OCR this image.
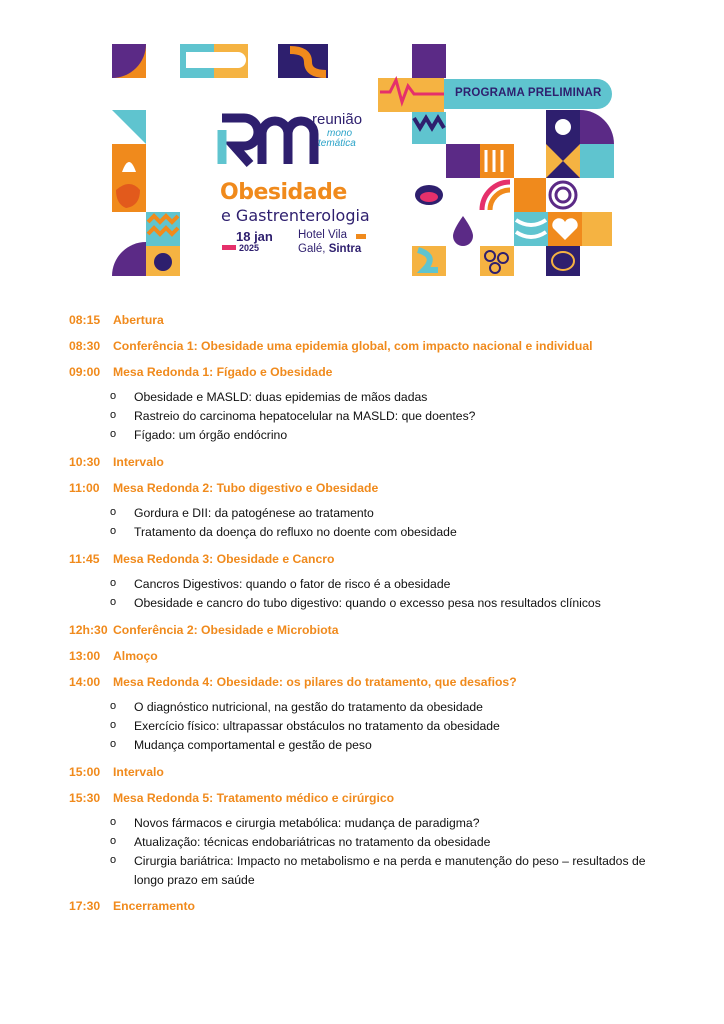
PROGRAMA PRELIMINAR
reunião
mono
temática
Obesidade
e Gastrenterologia
18 jan
2025
Hotel Vila
Galé, Sintra
08:15 Abertura
08:30 Conferência 1: Obesidade uma epidemia global, com impacto nacional e individual
09:00 Mesa Redonda 1: Fígado e Obesidade
o Obesidade e MASLD: duas epidemias de mãos dadas
o Rastreio do carcinoma hepatocelular na MASLD: que doentes?
o Fígado: um órgão endócrino
10:30 Intervalo
11:00 Mesa Redonda 2: Tubo digestivo e Obesidade
o Gordura e DII: da patogénese ao tratamento
o Tratamento da doença do refluxo no doente com obesidade
11:45 Mesa Redonda 3: Obesidade e Cancro
o Cancros Digestivos: quando o fator de risco é a obesidade
o Obesidade e cancro do tubo digestivo: quando o excesso pesa nos resultados clínicos
12h:30 Conferência 2: Obesidade e Microbiota
13:00 Almoço
14:00 Mesa Redonda 4: Obesidade: os pilares do tratamento, que desafios?
o O diagnóstico nutricional, na gestão do tratamento da obesidade
o Exercício físico: ultrapassar obstáculos no tratamento da obesidade
o Mudança comportamental e gestão de peso
15:00 Intervalo
15:30 Mesa Redonda 5: Tratamento médico e cirúrgico
o Novos fármacos e cirurgia metabólica: mudança de paradigma?
o Atualização: técnicas endobariátricas no tratamento da obesidade
o Cirurgia bariátrica: Impacto no metabolismo e na perda e manutenção do peso – resultados de
longo prazo em saúde
17:30 Encerramento
